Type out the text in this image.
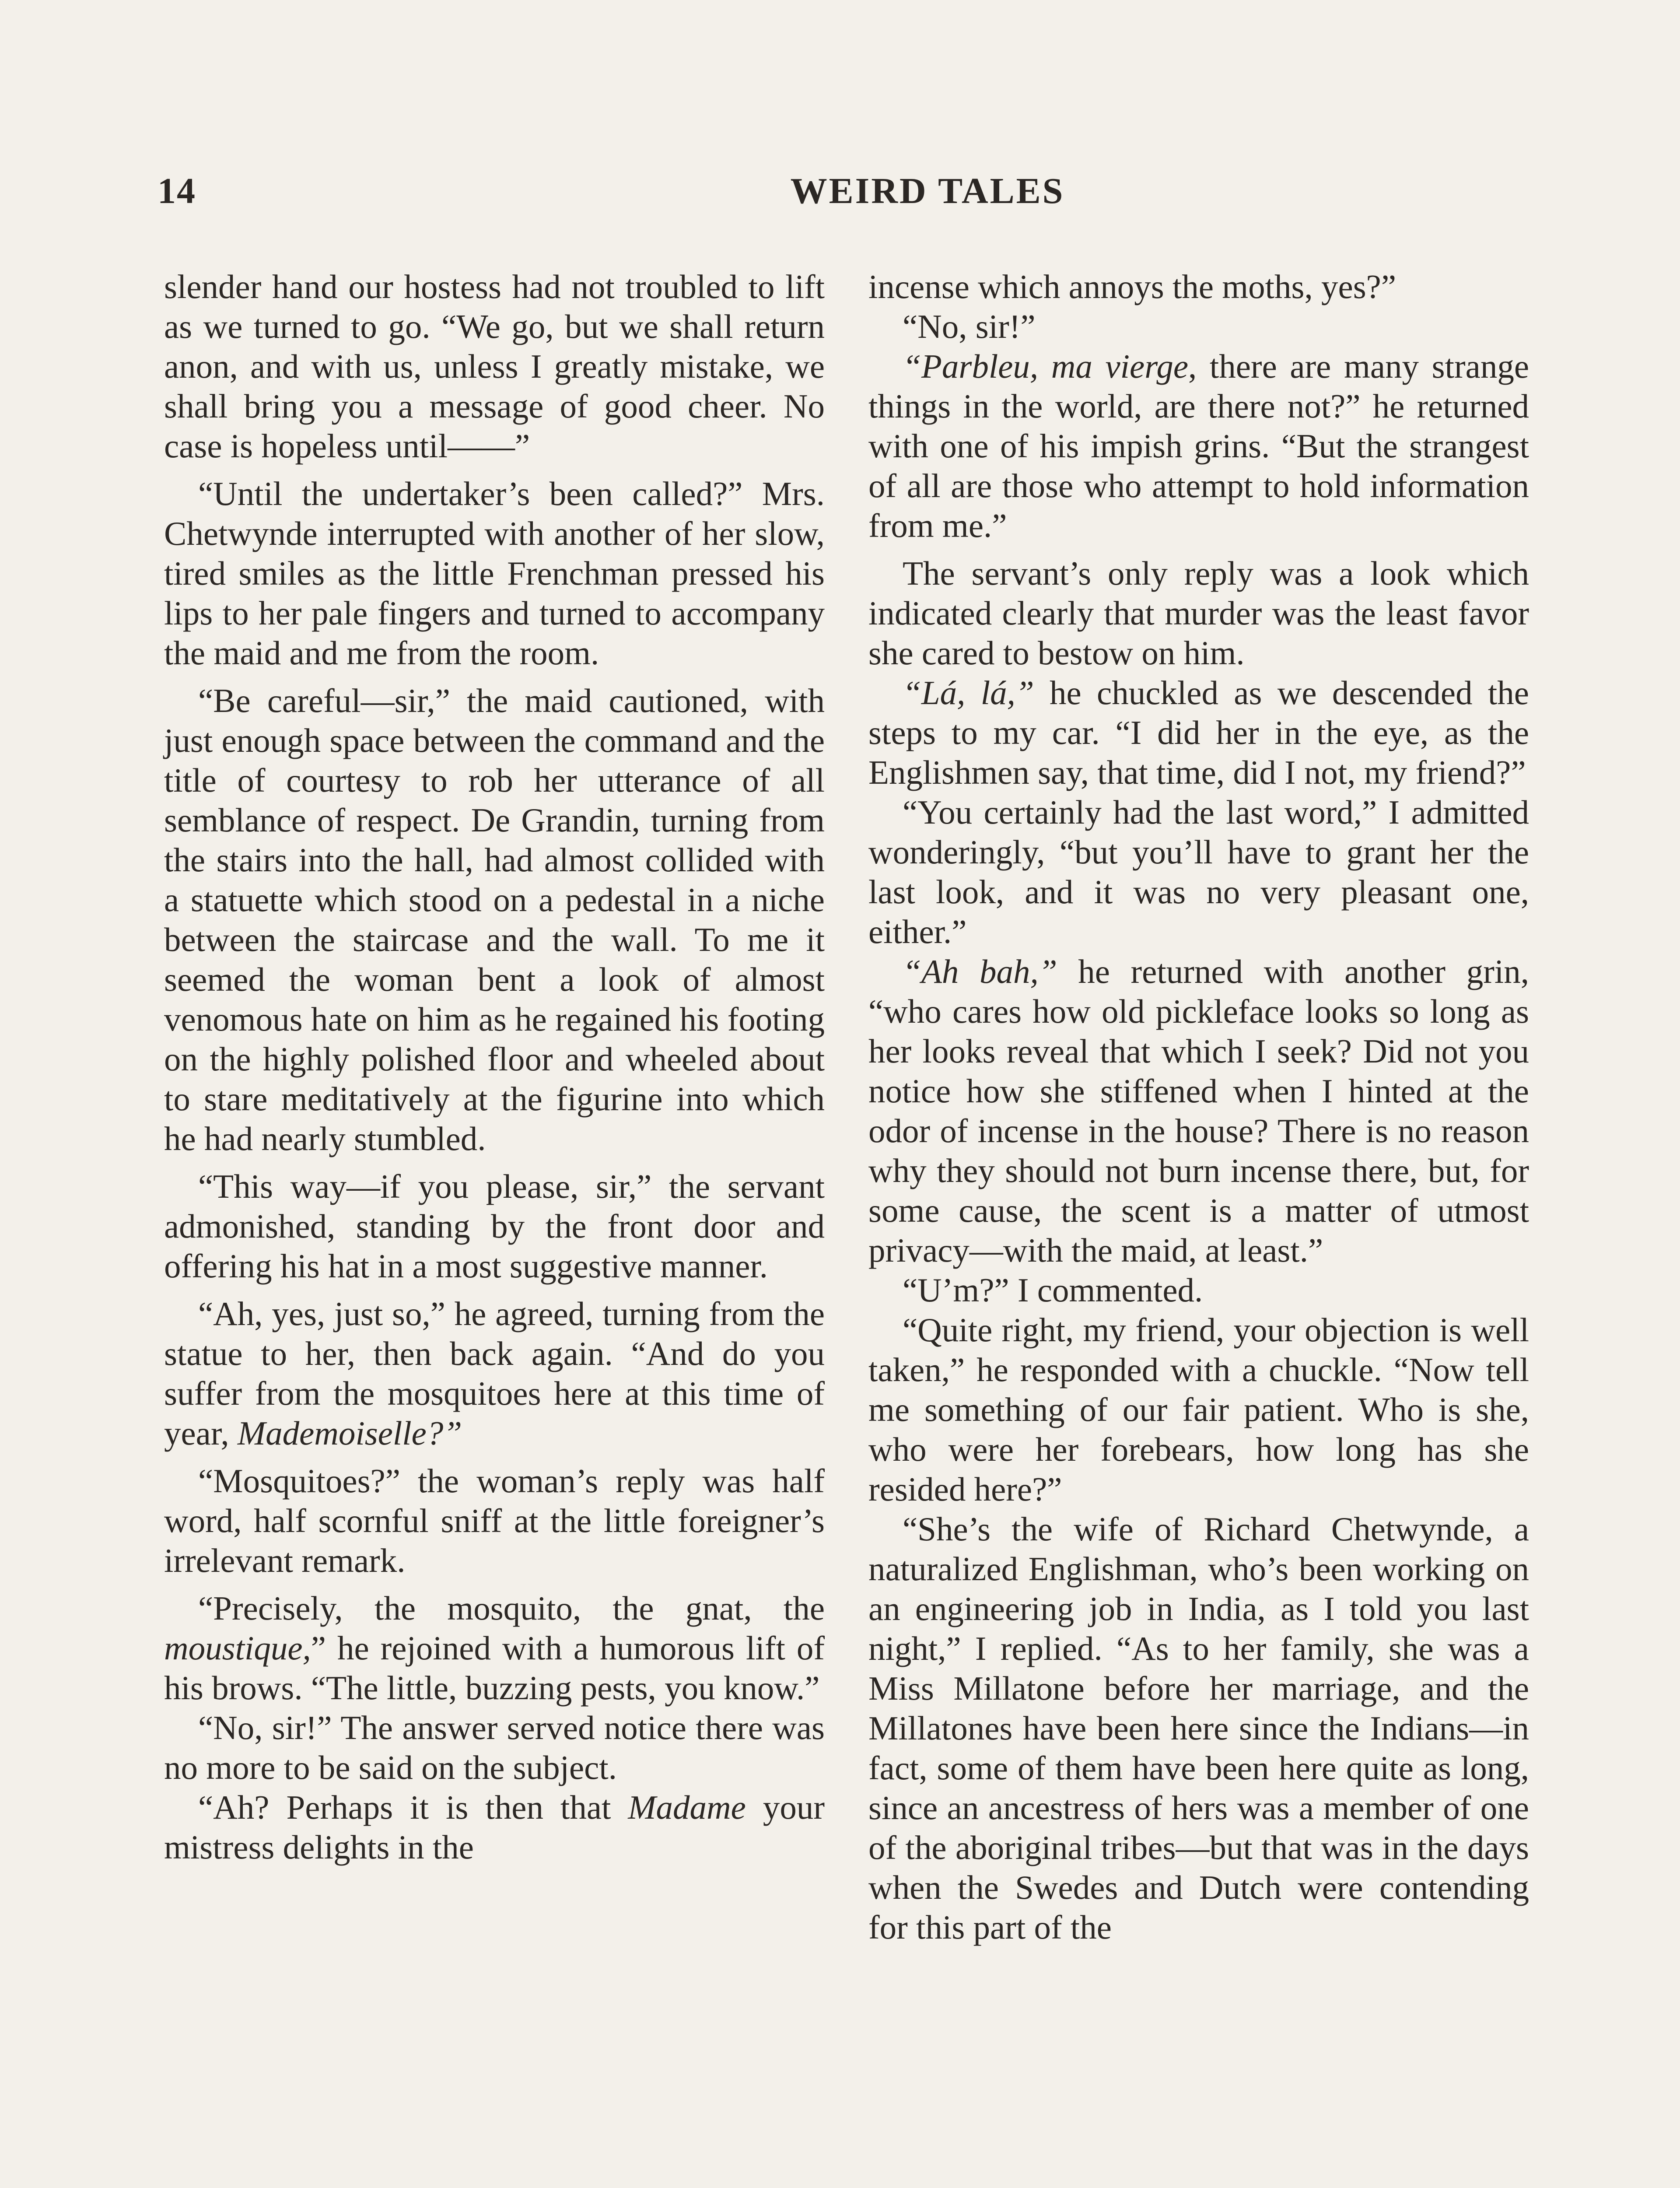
14	WEIRD TALES

slender hand our hostess had not troubled to lift as we turned to go. “We go, but we shall return anon, and with us, unless I greatly mistake, we shall bring you a message of good cheer. No case is hopeless until——”

“Until the undertaker’s been called?” Mrs. Chetwynde interrupted with another of her slow, tired smiles as the little Frenchman pressed his lips to her pale fingers and turned to accompany the maid and me from the room.

“Be careful—sir,” the maid cautioned, with just enough space between the command and the title of courtesy to rob her utterance of all semblance of respect. De Grandin, turning from the stairs into the hall, had almost collided with a statuette which stood on a pedestal in a niche between the staircase and the wall. To me it seemed the woman bent a look of almost venomous hate on him as he regained his footing on the highly polished floor and wheeled about to stare meditatively at the figurine into which he had nearly stumbled.

“This way—if you please, sir,” the servant admonished, standing by the front door and offering his hat in a most suggestive manner.

“Ah, yes, just so,” he agreed, turning from the statue to her, then back again. “And do you suffer from the mosquitoes here at this time of year, Mademoiselle?”

“Mosquitoes?” the woman’s reply was half word, half scornful sniff at the little foreigner’s irrelevant remark.

“Precisely, the mosquito, the gnat, the moustique,” he rejoined with a humorous lift of his brows. “The little, buzzing pests, you know.”

“No, sir!” The answer served notice there was no more to be said on the subject.

“Ah? Perhaps it is then that Madame your mistress delights in the

incense which annoys the moths, yes?”

“No, sir!”

“Parbleu, ma vierge, there are many strange things in the world, are there not?” he returned with one of his impish grins. “But the strangest of all are those who attempt to hold information from me.”

The servant’s only reply was a look which indicated clearly that murder was the least favor she cared to bestow on him.

“Lá, lá,” he chuckled as we descended the steps to my car. “I did her in the eye, as the Englishmen say, that time, did I not, my friend?”

“You certainly had the last word,” I admitted wonderingly, “but you’ll have to grant her the last look, and it was no very pleasant one, either.”

“Ah bah,” he returned with another grin, “who cares how old pickleface looks so long as her looks reveal that which I seek? Did not you notice how she stiffened when I hinted at the odor of incense in the house? There is no reason why they should not burn incense there, but, for some cause, the scent is a matter of utmost privacy—with the maid, at least.”

“U’m?” I commented.

“Quite right, my friend, your objection is well taken,” he responded with a chuckle. “Now tell me something of our fair patient. Who is she, who were her forebears, how long has she resided here?”

“She’s the wife of Richard Chetwynde, a naturalized Englishman, who’s been working on an engineering job in India, as I told you last night,” I replied. “As to her family, she was a Miss Millatone before her marriage, and the Millatones have been here since the Indians—in fact, some of them have been here quite as long, since an ancestress of hers was a member of one of the aboriginal tribes—but that was in the days when the Swedes and Dutch were contending for this part of the
